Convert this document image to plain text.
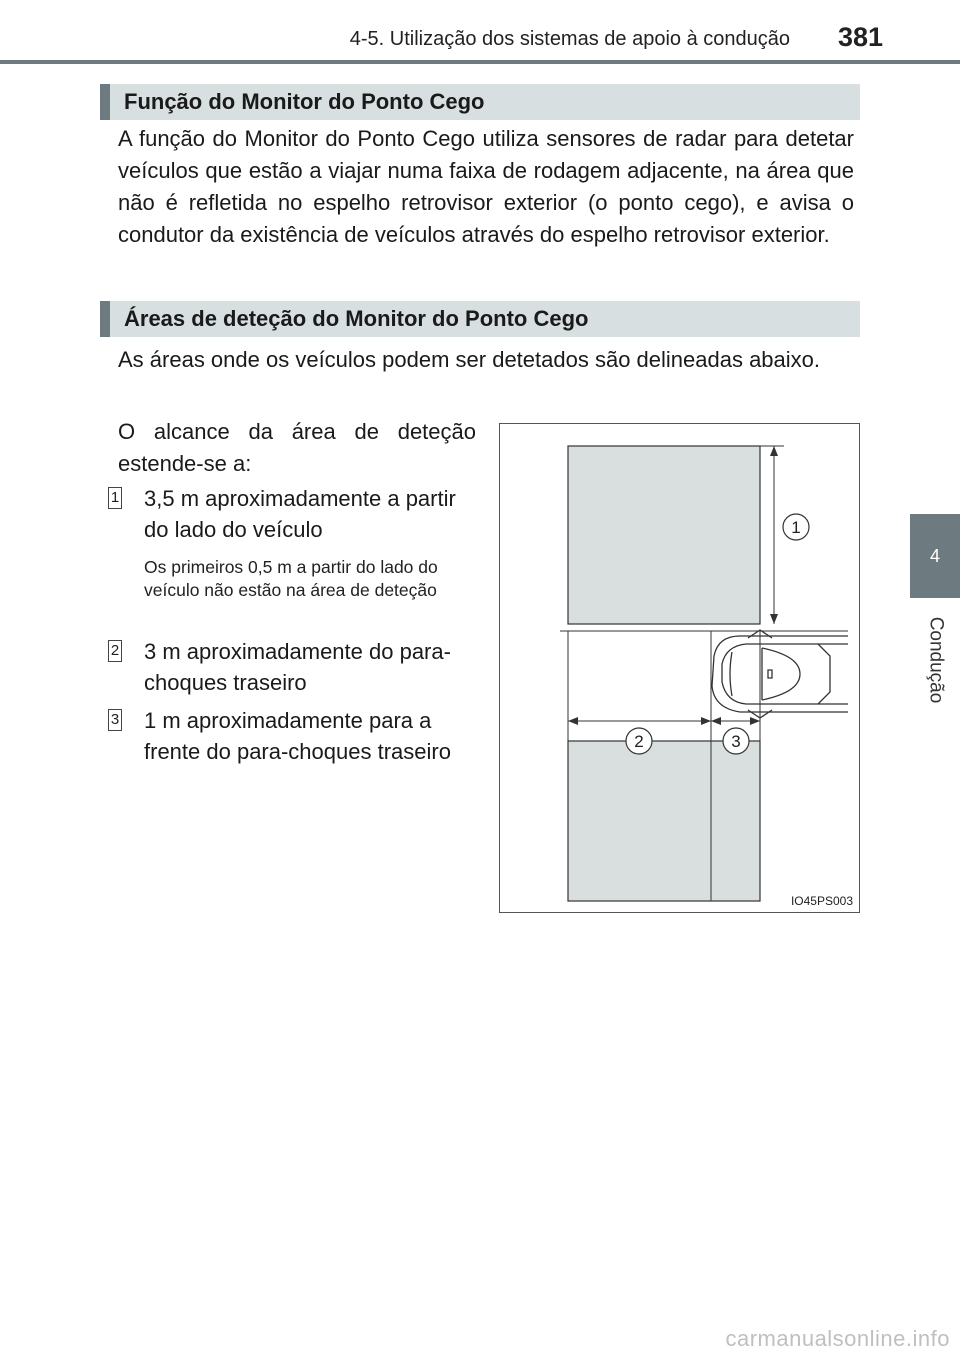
4-5. Utilização dos sistemas de apoio à condução 381
4
Condução
Função do Monitor do Ponto Cego

A função do Monitor do Ponto Cego utiliza sensores de radar para detetar veículos que estão a viajar numa faixa de rodagem adjacente, na área que não é refletida no espelho retrovisor exterior (o ponto cego), e avisa o condutor da existência de veículos através do espelho retrovisor exterior.

Áreas de deteção do Monitor do Ponto Cego

As áreas onde os veículos podem ser detetados são delineadas abaixo.

O alcance da área de deteção estende-se a:

1 3,5 m aproximadamente a partir do lado do veículo

Os primeiros 0,5 m a partir do lado do veículo não estão na área de deteção

2 3 m aproximadamente do para-choques traseiro

3 1 m aproximadamente para a frente do para-choques traseiro

1
2	3
IO45PS003
carmanualsonline.info
